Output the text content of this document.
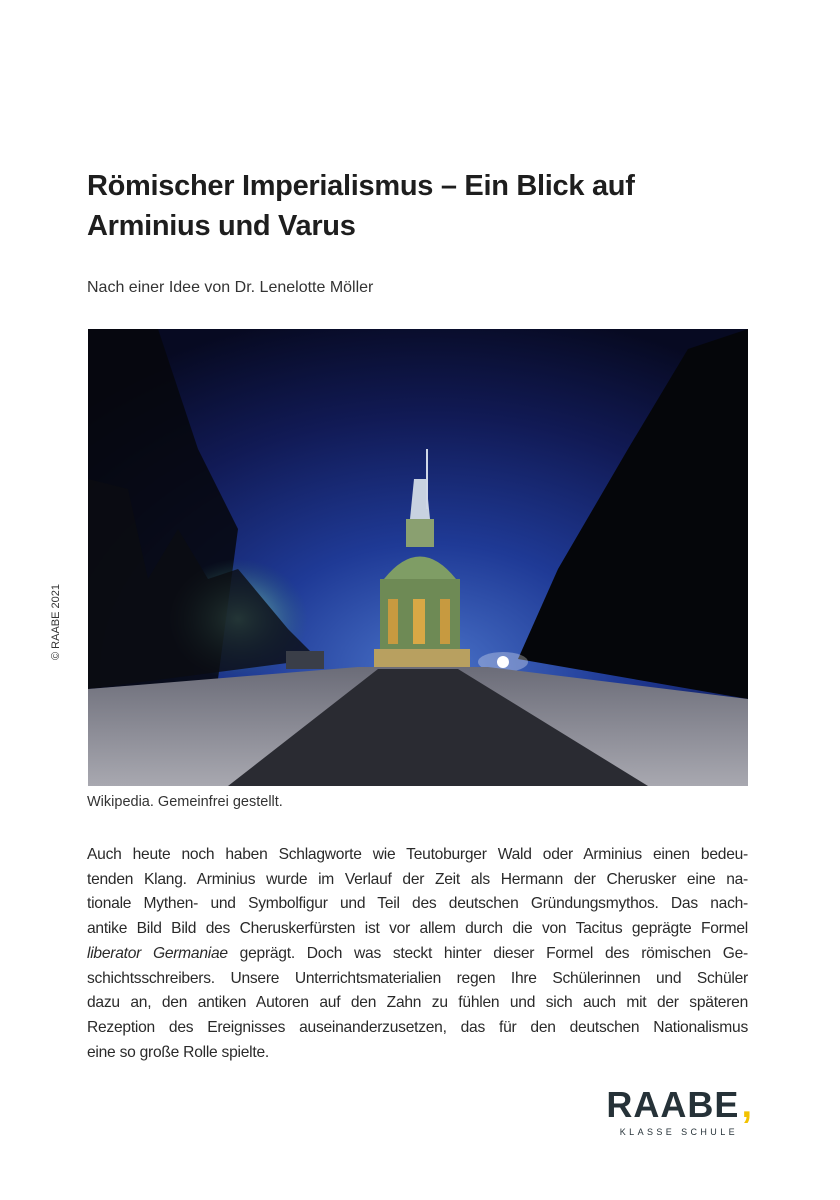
© RAABE 2021
Römischer Imperialismus – Ein Blick auf
Arminius und Varus
Nach einer Idee von Dr. Lenelotte Möller
Wikipedia. Gemeinfrei gestellt.
Auch heute noch haben Schlagworte wie Teutoburger Wald oder Arminius einen bedeu-
tenden Klang. Arminius wurde im Verlauf der Zeit als Hermann der Cherusker eine na-
tionale Mythen- und Symbolfigur und Teil des deutschen Gründungsmythos. Das nach-
antike Bild Bild des Cheruskerfürsten ist vor allem durch die von Tacitus geprägte Formel
liberator Germaniae geprägt. Doch was steckt hinter dieser Formel des römischen Ge-
schichtsschreibers. Unsere Unterrichtsmaterialien regen Ihre Schülerinnen und Schüler
dazu an, den antiken Autoren auf den Zahn zu fühlen und sich auch mit der späteren
Rezeption des Ereignisses auseinanderzusetzen, das für den deutschen Nationalismus
eine so große Rolle spielte.
RAABE ,
KLASSE SCHULE
